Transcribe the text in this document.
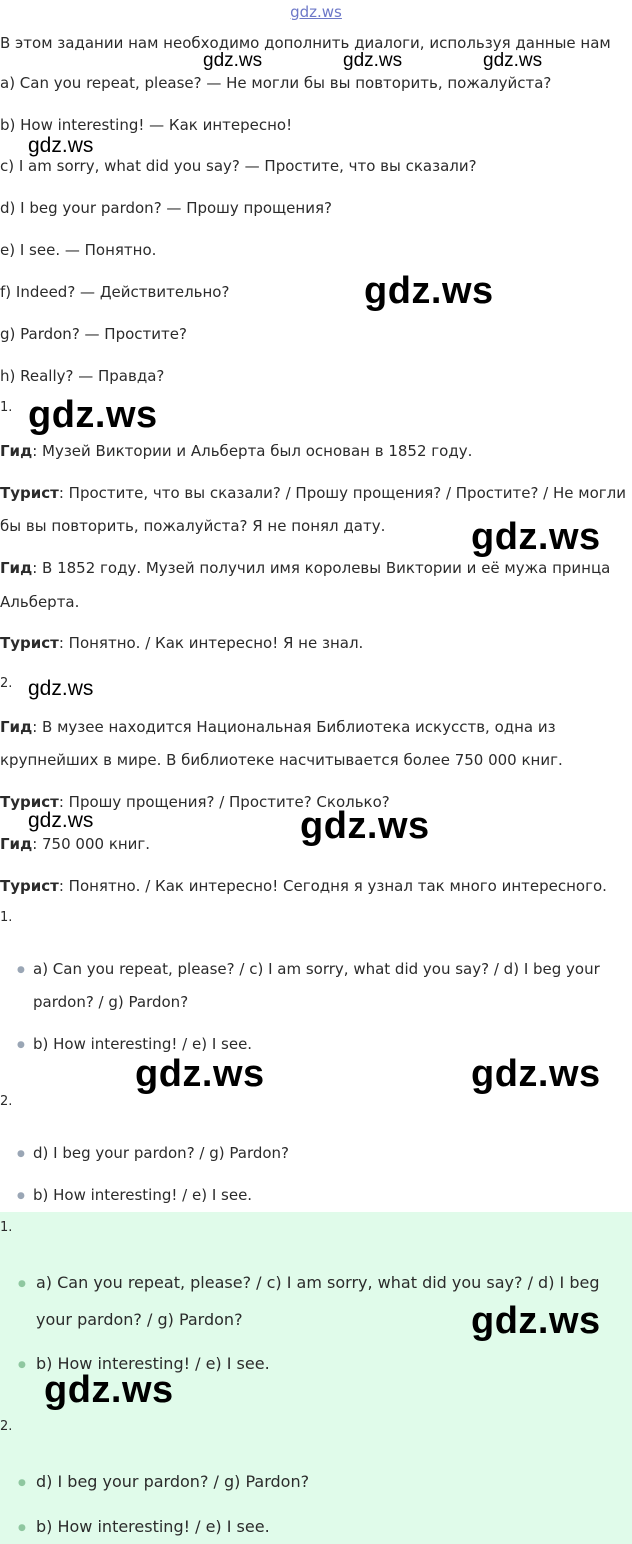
gdz.ws
В этом задании нам необходимо дополнить диалоги, используя данные нам
a) Can you repeat, please? — Не могли бы вы повторить, пожалуйста?
b) How interesting! — Как интересно!
c) I am sorry, what did you say? — Простите, что вы сказали?
d) I beg your pardon? — Прошу прощения?
e) I see. — Понятно.
f) Indeed? — Действительно?
g) Pardon? — Простите?
h) Really? — Правда?
1.
Гид: Музей Виктории и Альберта был основан в 1852 году.
Турист: Простите, что вы сказали? / Прошу прощения? / Простите? / Не могли
бы вы повторить, пожалуйста? Я не понял дату.
Гид: В 1852 году. Музей получил имя королевы Виктории и её мужа принца
Альберта.
Турист: Понятно. / Как интересно! Я не знал.
2.
Гид: В музее находится Национальная Библиотека искусств, одна из
крупнейших в мире. В библиотеке насчитывается более 750 000 книг.
Турист: Прошу прощения? / Простите? Сколько?
Гид: 750 000 книг.
Турист: Понятно. / Как интересно! Сегодня я узнал так много интересного.
1.
● a) Can you repeat, please? / c) I am sorry, what did you say? / d) I beg your
pardon? / g) Pardon?
● b) How interesting! / e) I see.
2.
● d) I beg your pardon? / g) Pardon?
● b) How interesting! / e) I see.
1.
● a) Can you repeat, please? / c) I am sorry, what did you say? / d) I beg
your pardon? / g) Pardon?
● b) How interesting! / e) I see.
2.
● d) I beg your pardon? / g) Pardon?
● b) How interesting! / e) I see.
gdz.ws	gdz.ws	gdz.ws
gdz.ws
gdz.ws
gdz.ws
gdz.ws
gdz.ws
gdz.ws	gdz.ws
gdz.ws	gdz.ws
gdz.ws
gdz.ws
